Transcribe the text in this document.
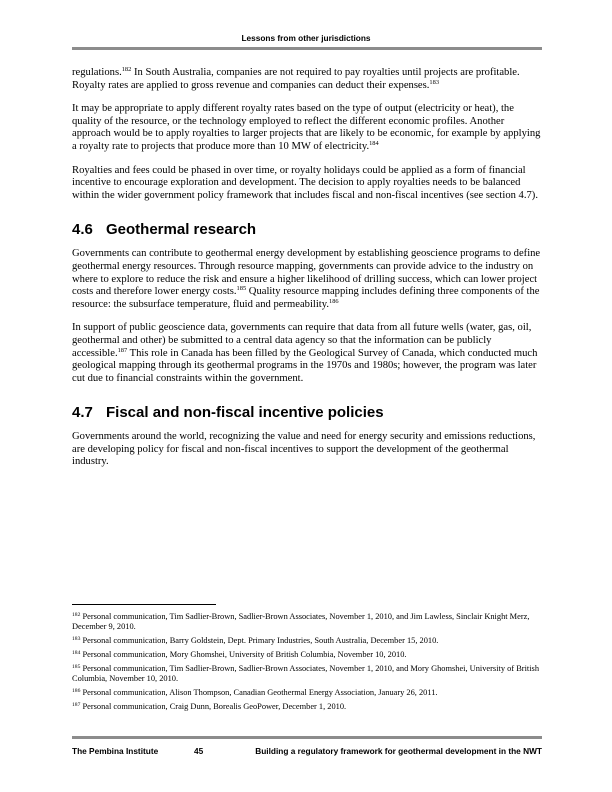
Lessons from other jurisdictions

regulations.$^{182}$ In South Australia, companies are not required to pay royalties until projects are profitable. Royalty rates are applied to gross revenue and companies can deduct their expenses.$^{183}$

It may be appropriate to apply different royalty rates based on the type of output (electricity or heat), the quality of the resource, or the technology employed to reflect the different economic profiles. Another approach would be to apply royalties to larger projects that are likely to be economic, for example by applying a royalty rate to projects that produce more than 10 MW of electricity.$^{184}$

Royalties and fees could be phased in over time, or royalty holidays could be applied as a form of financial incentive to encourage exploration and development. The decision to apply royalties needs to be balanced within the wider government policy framework that includes fiscal and non-fiscal incentives (see section 4.7).

4.6 Geothermal research

Governments can contribute to geothermal energy development by establishing geoscience programs to define geothermal energy resources. Through resource mapping, governments can provide advice to the industry on where to explore to reduce the risk and ensure a higher likelihood of drilling success, which can lower project costs and therefore lower energy costs.$^{185}$ Quality resource mapping includes defining three components of the resource: the subsurface temperature, fluid and permeability.$^{186}$

In support of public geoscience data, governments can require that data from all future wells (water, gas, oil, geothermal and other) be submitted to a central data agency so that the information can be publicly accessible.$^{187}$ This role in Canada has been filled by the Geological Survey of Canada, which conducted much geological mapping through its geothermal programs in the 1970s and 1980s; however, the program was later cut due to financial constraints within the government.

4.7 Fiscal and non-fiscal incentive policies

Governments around the world, recognizing the value and need for energy security and emissions reductions, are developing policy for fiscal and non-fiscal incentives to support the development of the geothermal industry.

$^{182}$ Personal communication, Tim Sadlier-Brown, Sadlier-Brown Associates, November 1, 2010, and Jim Lawless, Sinclair Knight Merz, December 9, 2010.
$^{183}$ Personal communication, Barry Goldstein, Dept. Primary Industries, South Australia, December 15, 2010.
$^{184}$ Personal communication, Mory Ghomshei, University of British Columbia, November 10, 2010.
$^{185}$ Personal communication, Tim Sadlier-Brown, Sadlier-Brown Associates, November 1, 2010, and Mory Ghomshei, University of British Columbia, November 10, 2010.
$^{186}$ Personal communication, Alison Thompson, Canadian Geothermal Energy Association, January 26, 2011.
$^{187}$ Personal communication, Craig Dunn, Borealis GeoPower, December 1, 2010.
The Pembina Institute	45	Building a regulatory framework for geothermal development in the NWT
